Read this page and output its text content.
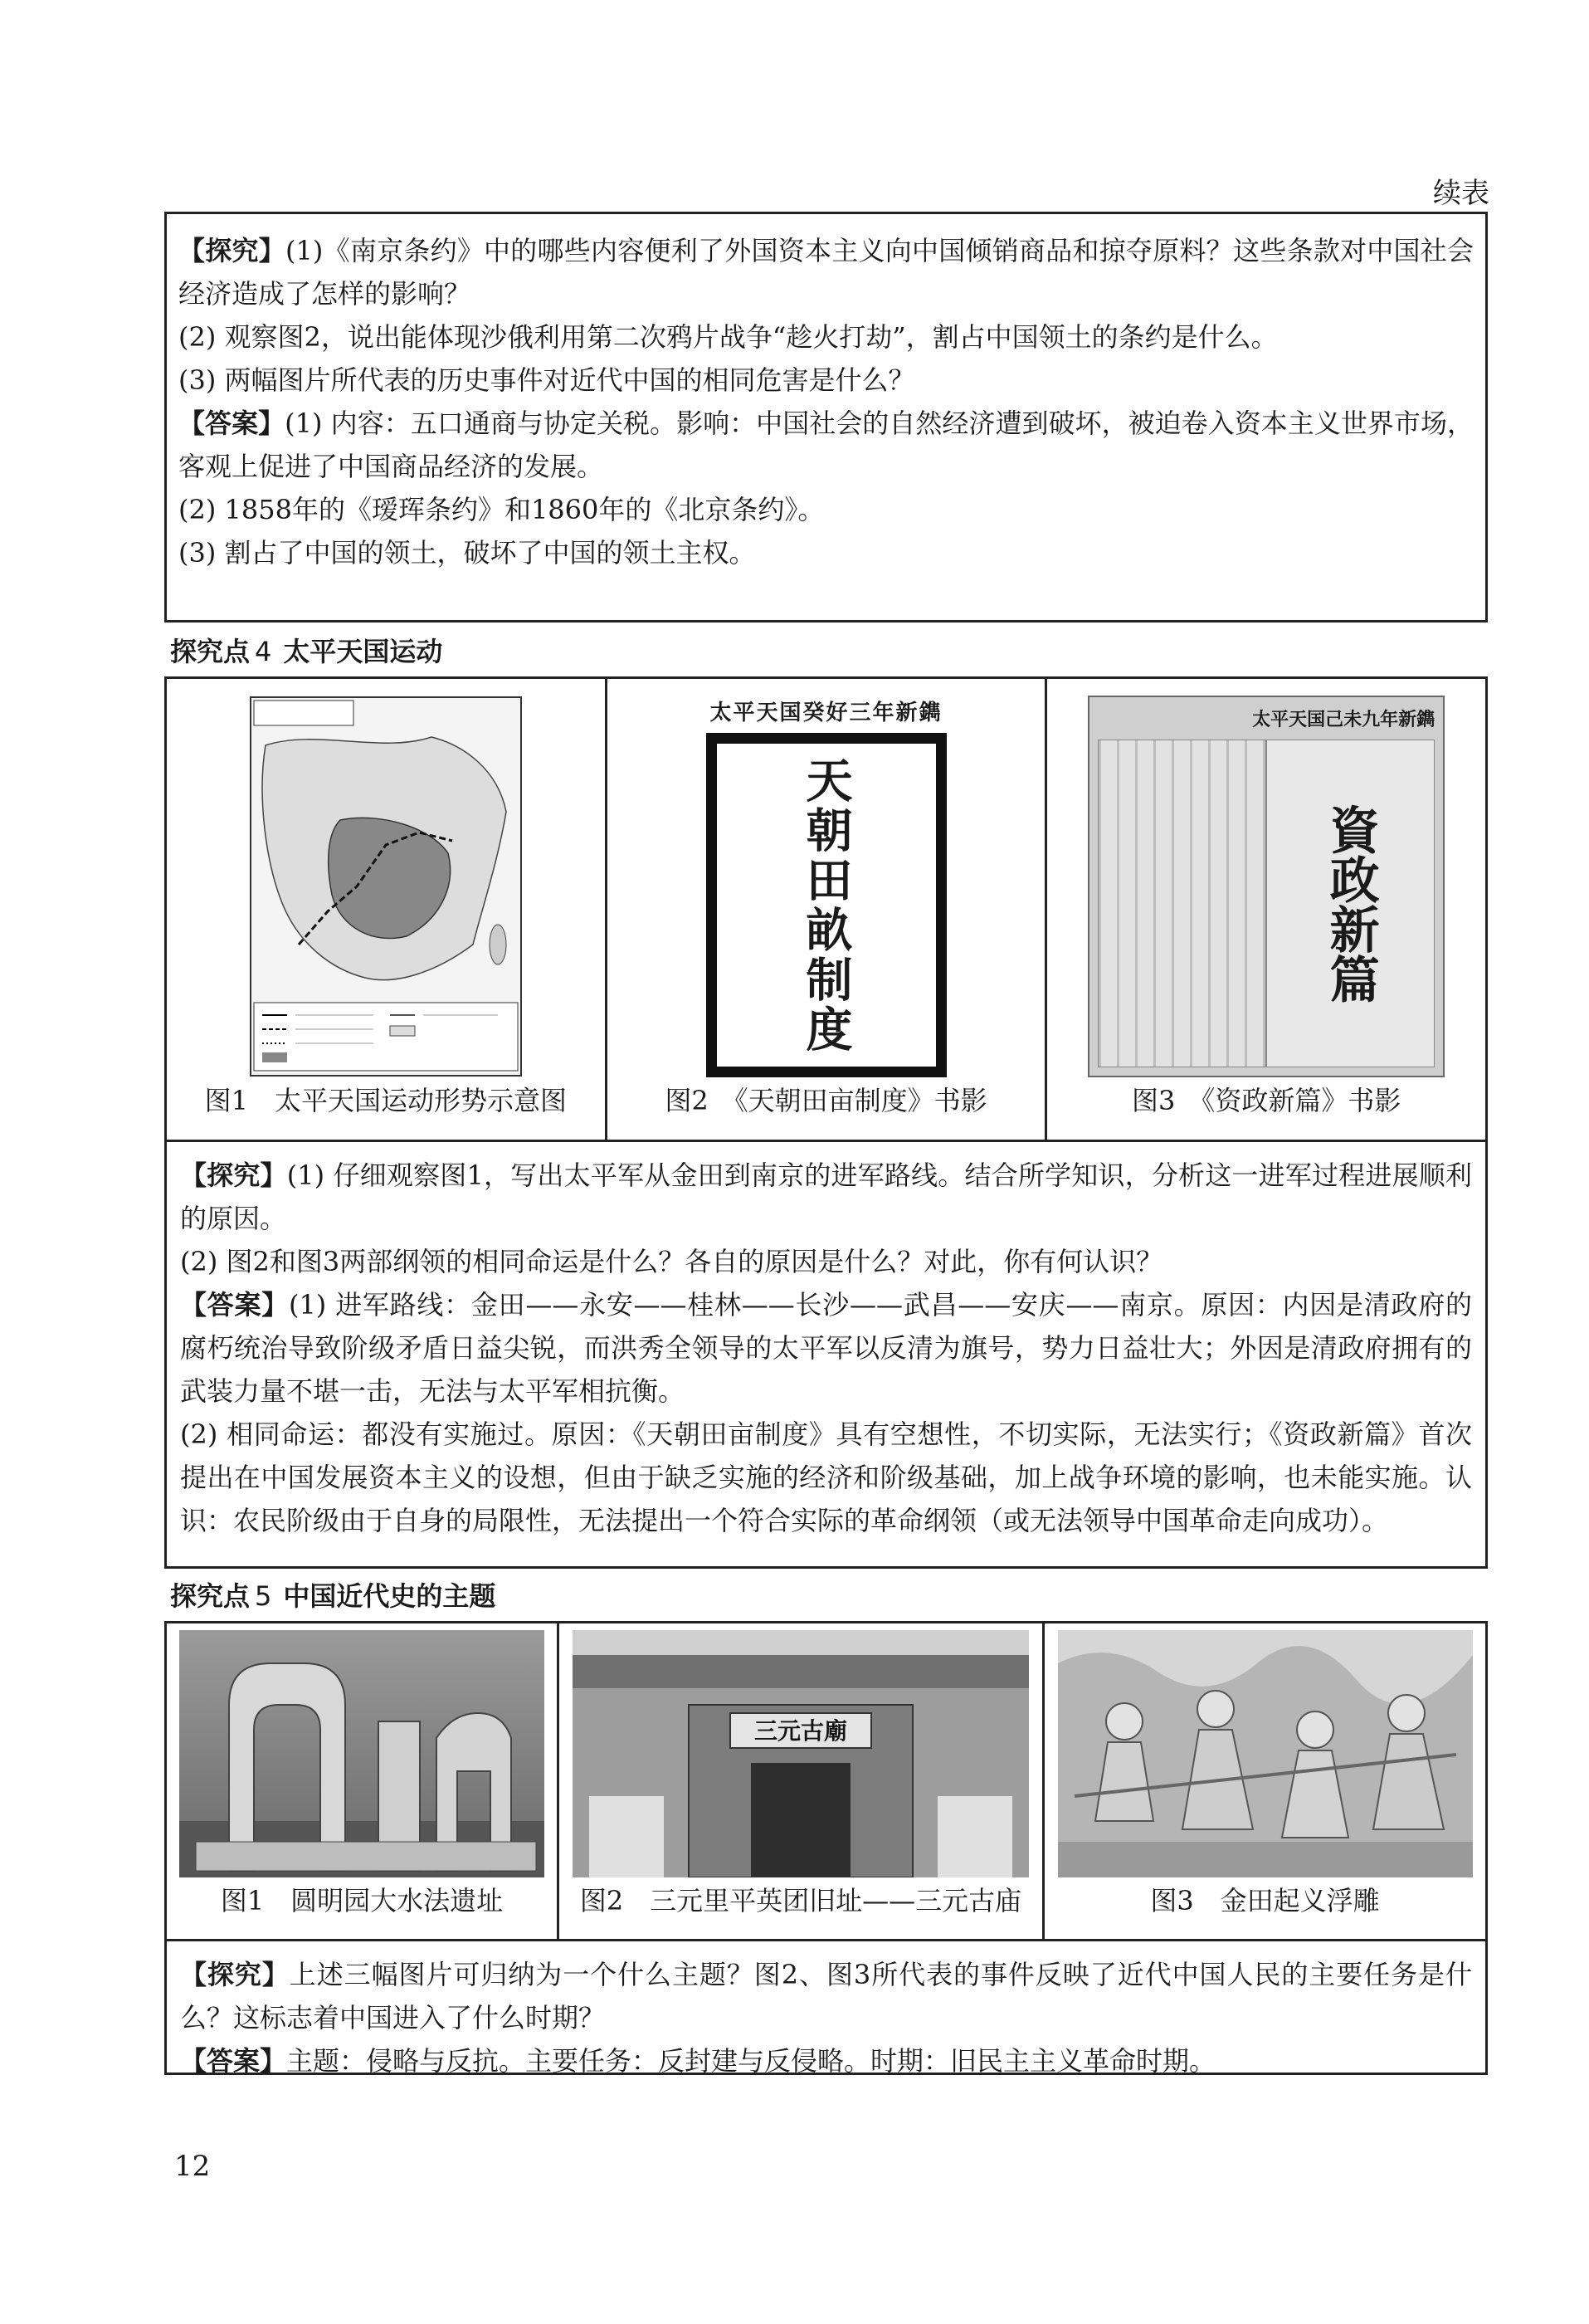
续表

【探究】(1)《南京条约》中的哪些内容便利了外国资本主义向中国倾销商品和掠夺原料？这些条款对中国社会经济造成了怎样的影响？

(2) 观察图2，说出能体现沙俄利用第二次鸦片战争“趁火打劫”，割占中国领土的条约是什么。

(3) 两幅图片所代表的历史事件对近代中国的相同危害是什么？

【答案】(1) 内容：五口通商与协定关税。影响：中国社会的自然经济遭到破坏，被迫卷入资本主义世界市场，客观上促进了中国商品经济的发展。

(2) 1858年的《瑷珲条约》和1860年的《北京条约》。

(3) 割占了中国的领土，破坏了中国的领土主权。

探究点 4 太平天国运动
图1　太平天国运动形势示意图
太平天国癸好三年新鐫
天朝田畝制度
图2　《天朝田亩制度》书影
太平天国己未九年新鐫
資政新篇
图3　《资政新篇》书影

【探究】(1) 仔细观察图1，写出太平军从金田到南京的进军路线。结合所学知识，分析这一进军过程进展顺利的原因。

(2) 图2和图3两部纲领的相同命运是什么？各自的原因是什么？对此，你有何认识？

【答案】(1) 进军路线：金田——永安——桂林——长沙——武昌——安庆——南京。原因：内因是清政府的腐朽统治导致阶级矛盾日益尖锐，而洪秀全领导的太平军以反清为旗号，势力日益壮大；外因是清政府拥有的武装力量不堪一击，无法与太平军相抗衡。

(2) 相同命运：都没有实施过。原因：《天朝田亩制度》具有空想性，不切实际，无法实行；《资政新篇》首次提出在中国发展资本主义的设想，但由于缺乏实施的经济和阶级基础，加上战争环境的影响，也未能实施。认识：农民阶级由于自身的局限性，无法提出一个符合实际的革命纲领（或无法领导中国革命走向成功）。

探究点 5 中国近代史的主题
图1　圆明园大水法遗址
三元古廟
图2　三元里平英团旧址——三元古庙	图3　金田起义浮雕

【探究】上述三幅图片可归纳为一个什么主题？图2、图3所代表的事件反映了近代中国人民的主要任务是什么？这标志着中国进入了什么时期？

【答案】主题：侵略与反抗。主要任务：反封建与反侵略。时期：旧民主主义革命时期。

12
